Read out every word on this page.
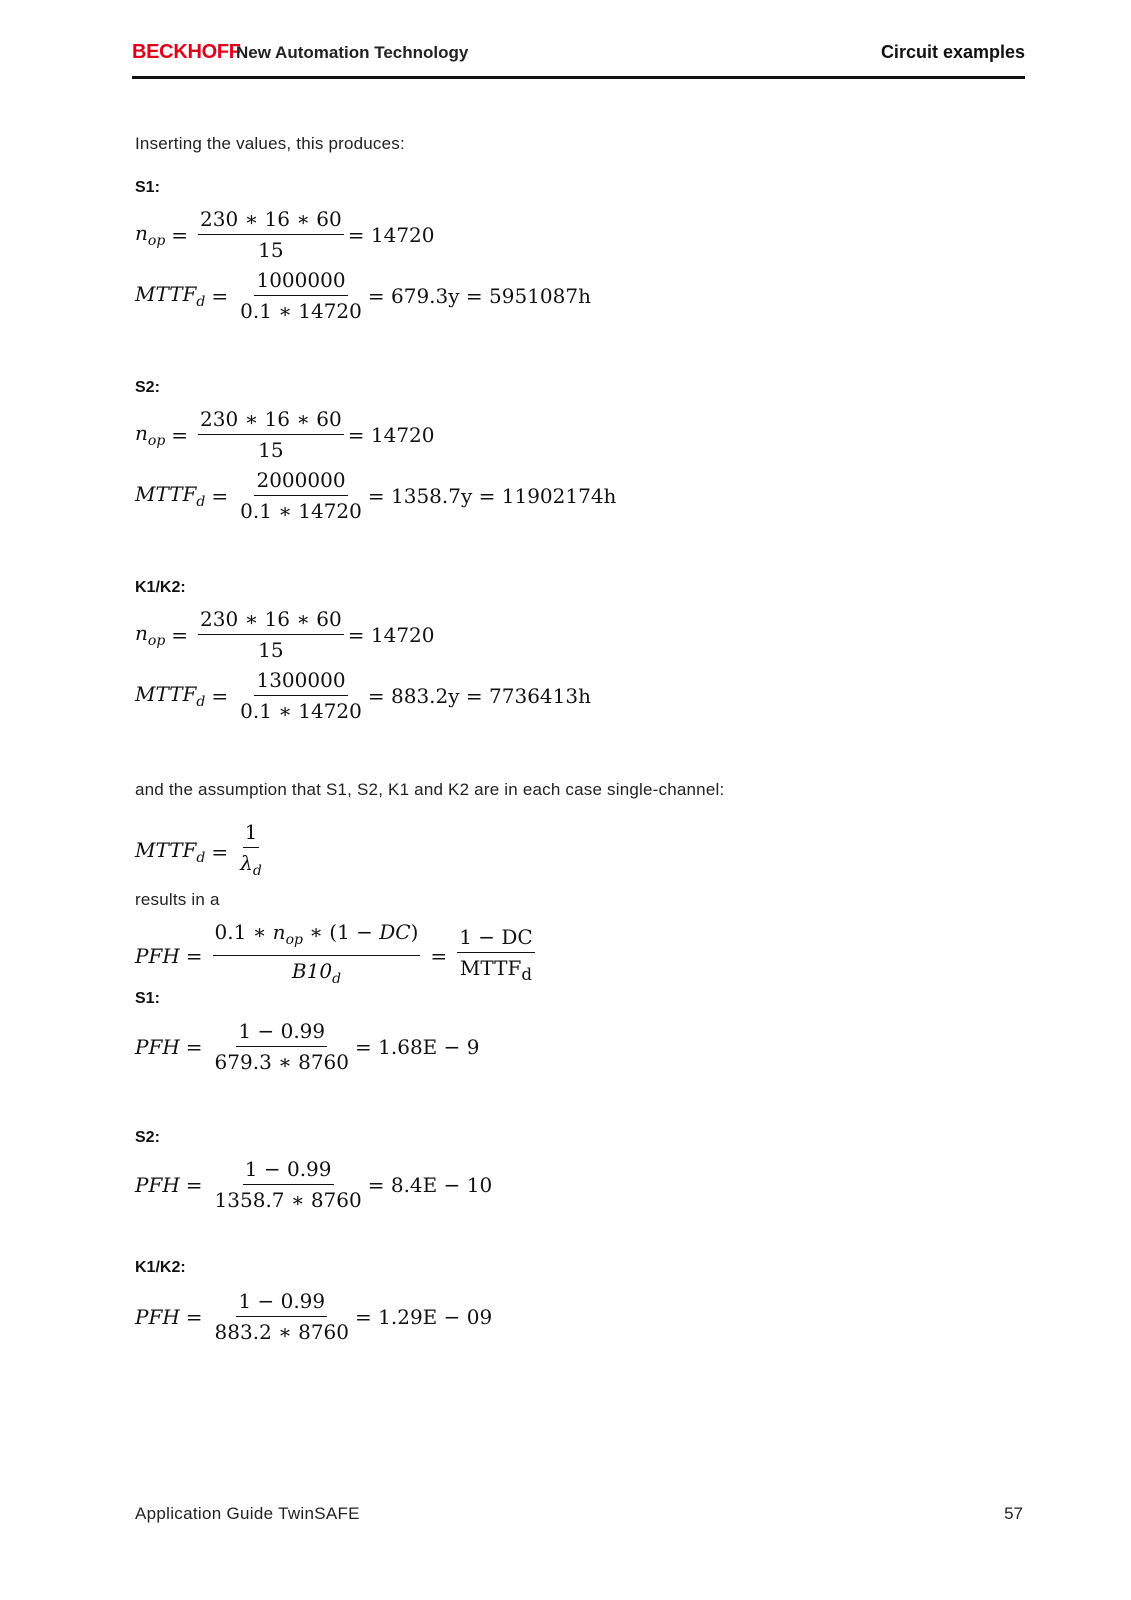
BECKHOFF
New Automation Technology	Circuit examples
Inserting the values, this produces:
S1:
$n_{op} = \frac{230 ∗ 16 ∗ 60}{15} = 14720$
$MTTF_d = \frac{1000000}{0.1 ∗ 14720} = 679.3y = 5951087h$
S2:
$n_{op} = \frac{230 ∗ 16 ∗ 60}{15} = 14720$
$MTTF_d = \frac{2000000}{0.1 ∗ 14720} = 1358.7y = 11902174h$
K1/K2:
$n_{op} = \frac{230 ∗ 16 ∗ 60}{15} = 14720$
$MTTF_d = \frac{1300000}{0.1 ∗ 14720} = 883.2y = 7736413h$
and the assumption that S1, S2, K1 and K2 are in each case single-channel:
$MTTF_d = \frac{1}{\lambda_d}$
results in a
PFH = $\frac{0.1 ∗ n_{op} ∗ (1 - DC)}{B10_d} = \frac{1 - DC}{MTTF_d}$
S1:
PFH = $\frac{1 - 0.99}{679.3 ∗ 8760} = 1.68E - 9$
S2:
PFH = $\frac{1 - 0.99}{1358.7 ∗ 8760} = 8.4E - 10$
K1/K2:
PFH = $\frac{1 - 0.99}{883.2 ∗ 8760} = 1.29E - 09$
Application Guide TwinSAFE	57
